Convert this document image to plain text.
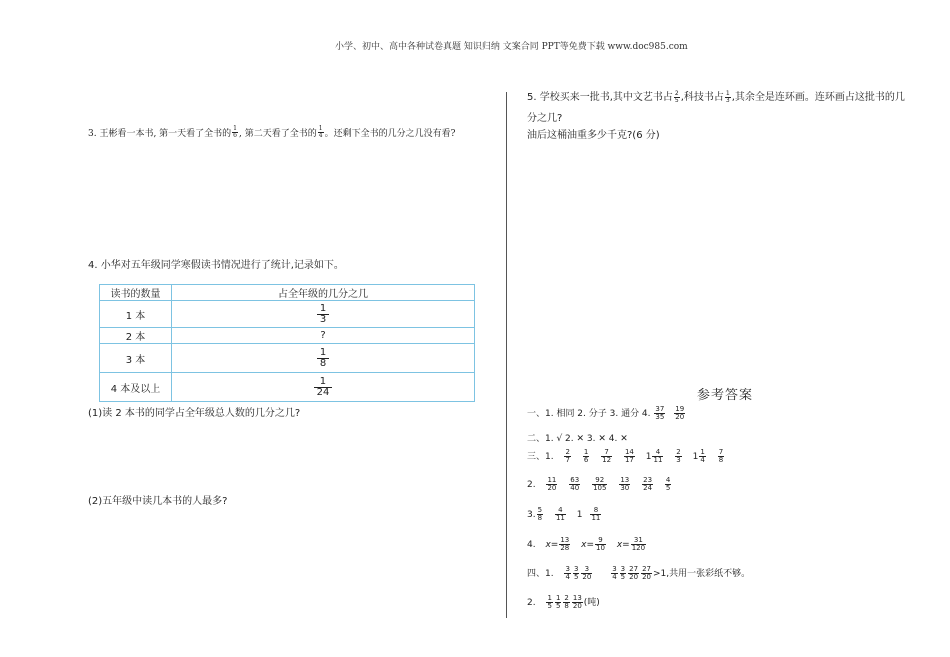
小学、初中、高中各种试卷真题 知识归纳 文案合同 PPT等免费下载 www.doc985.com
3. 王彬看一本书, 第一天看了全书的 $\frac{1}{6}$ , 第二天看了全书的 $\frac{1}{4}$ 。还剩下全书的几分之几没有看?
4. 小华对五年级同学寒假读书情况进行了统计,记录如下。
读书的数量	占全年级的几分之几
1 本	$\frac{1}{3}$

2 本	?
3 本	$\frac{1}{8}$

4 本及以上	$\frac{1}{24}$
(1)读 2 本书的同学占全年级总人数的几分之几?
(2)五年级中读几本书的人最多?
5. 学校买来一批书,其中文艺书占 $\frac{2}{5}$ ,科技书占 $\frac{1}{3}$ ,其余全是连环画。连环画占这批书的几
分之几?
油后这桶油重多少千克?(6 分)
参考答案
一、1. 相同 2. 分子 3. 通分 4. $\frac{37}{35} \frac{19}{20}$
二、1. √ 2. ✕ 3. ✕ 4. ✕
三、1. $\frac{2}{7}$
$\frac{1}{6}$
$\frac{7}{12}$
$\frac{14}{17} 1 \frac{4}{11}$
$\frac{2}{3} 1 \frac{1}{4}$
$\frac{7}{8}$
2. $\frac{11}{20}$
$\frac{63}{40}$
$\frac{92}{105}$
$\frac{13}{30}$
$\frac{23}{24}$
$\frac{4}{5}$
3. $\frac{5}{8}$
$\frac{4}{11} 1 \frac{8}{11}$
4. $x= \frac{13}{28} x= \frac{9}{10} x= \frac{31}{120}$
四、1. $\frac{3}{4} \frac{3}{5} \frac{3}{20}$
	$\frac{3}{4} \frac{3}{5} \frac{27}{20} \frac{27}{20} >1$,共用一张彩纸不够。
2. $\frac{1}{5} \frac{1}{5} \frac{2}{8} \frac{13}{20}$ (吨)
